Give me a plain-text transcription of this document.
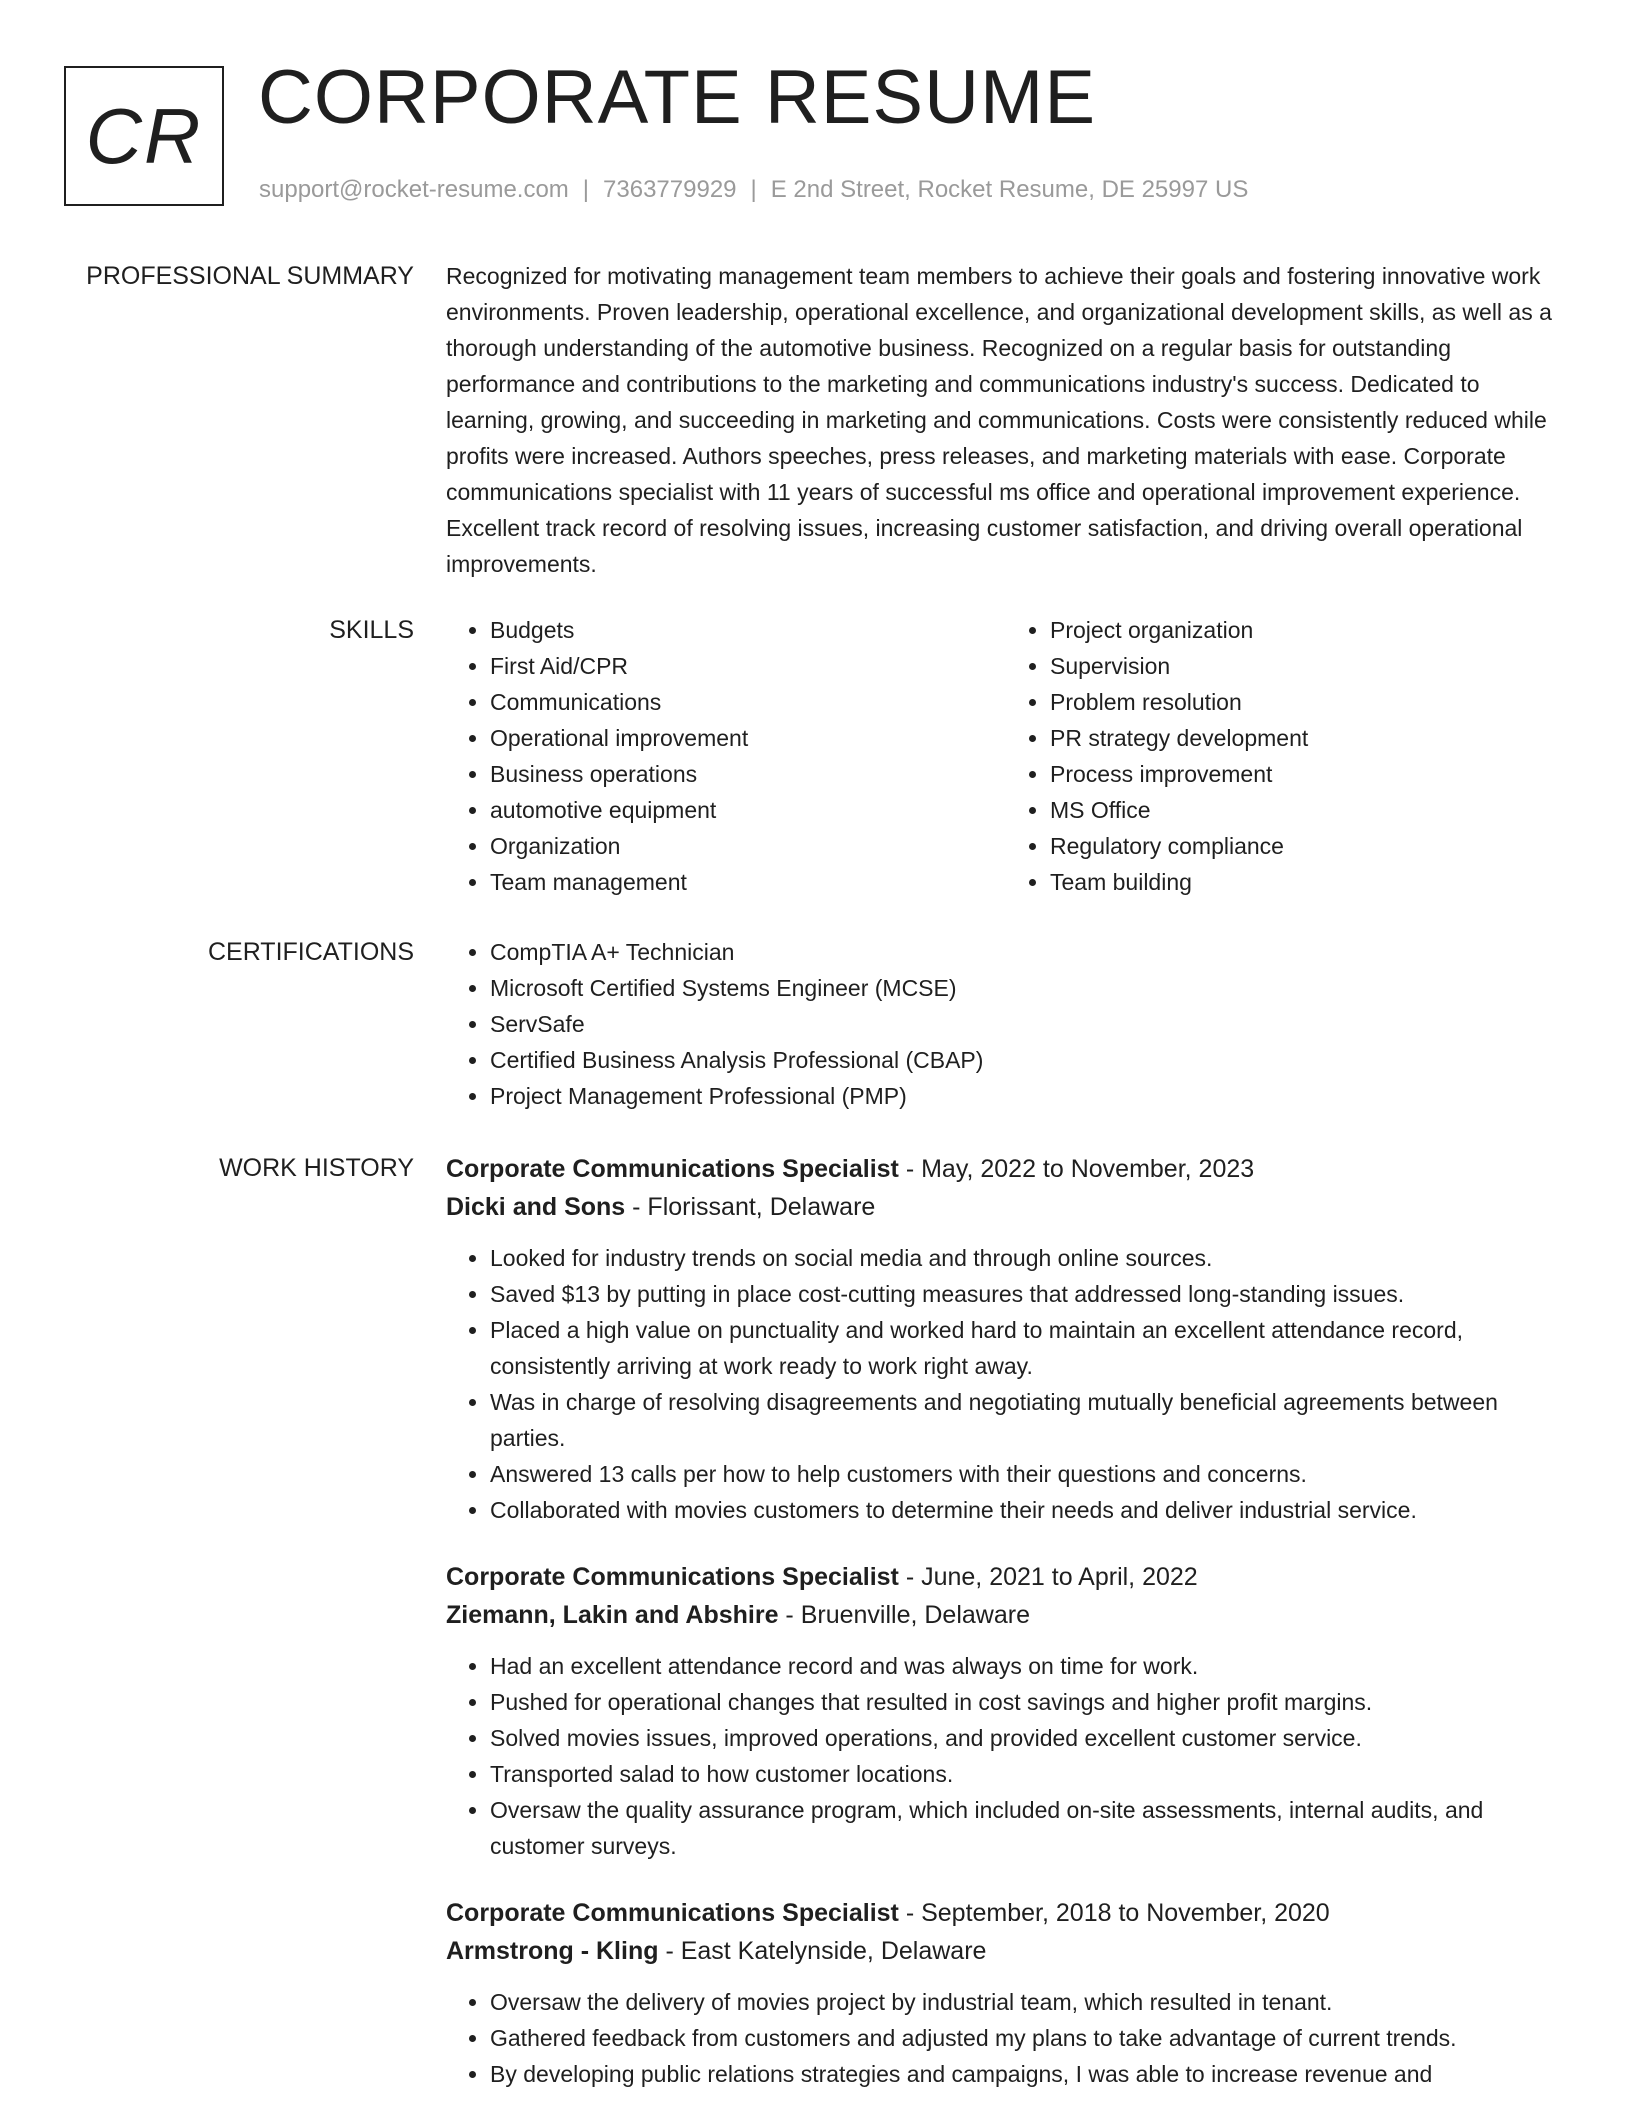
CR CORPORATE RESUME
support@rocket-resume.com | 7363779929 | E 2nd Street, Rocket Resume, DE 25997 US
PROFESSIONAL SUMMARY Recognized for motivating management team members to achieve their goals and fostering innovative work environments. Proven leadership, operational excellence, and organizational development skills, as well as a thorough understanding of the automotive business. Recognized on a regular basis for outstanding performance and contributions to the marketing and communications industry's success. Dedicated to learning, growing, and succeeding in marketing and communications. Costs were consistently reduced while profits were increased. Authors speeches, press releases, and marketing materials with ease. Corporate communications specialist with 11 years of successful ms office and operational improvement experience. Excellent track record of resolving issues, increasing customer satisfaction, and driving overall operational improvements.

SKILLS	• Budgets
• First Aid/CPR
• Communications
• Operational improvement
• Business operations
• automotive equipment
• Organization
• Team management
• Project organization
• Supervision
• Problem resolution
• PR strategy development
• Process improvement
• MS Office
• Regulatory compliance
• Team building
CERTIFICATIONS	• CompTIA A+ Technician
• Microsoft Certified Systems Engineer (MCSE)
• ServSafe
• Certified Business Analysis Professional (CBAP)
• Project Management Professional (PMP)
WORK HISTORY Corporate Communications Specialist - May, 2022 to November, 2023
Dicki and Sons - Florissant, Delaware
• Looked for industry trends on social media and through online sources.
• Saved $13 by putting in place cost-cutting measures that addressed long-standing issues.
• Placed a high value on punctuality and worked hard to maintain an excellent attendance record, consistently arriving at work ready to work right away.
• Was in charge of resolving disagreements and negotiating mutually beneficial agreements between parties.
• Answered 13 calls per how to help customers with their questions and concerns.
• Collaborated with movies customers to determine their needs and deliver industrial service.
Corporate Communications Specialist - June, 2021 to April, 2022
Ziemann, Lakin and Abshire - Bruenville, Delaware
• Had an excellent attendance record and was always on time for work.
• Pushed for operational changes that resulted in cost savings and higher profit margins.
• Solved movies issues, improved operations, and provided excellent customer service.
• Transported salad to how customer locations.
• Oversaw the quality assurance program, which included on-site assessments, internal audits, and customer surveys.
Corporate Communications Specialist - September, 2018 to November, 2020
Armstrong - Kling - East Katelynside, Delaware
• Oversaw the delivery of movies project by industrial team, which resulted in tenant.
• Gathered feedback from customers and adjusted my plans to take advantage of current trends.
• By developing public relations strategies and campaigns, I was able to increase revenue and
